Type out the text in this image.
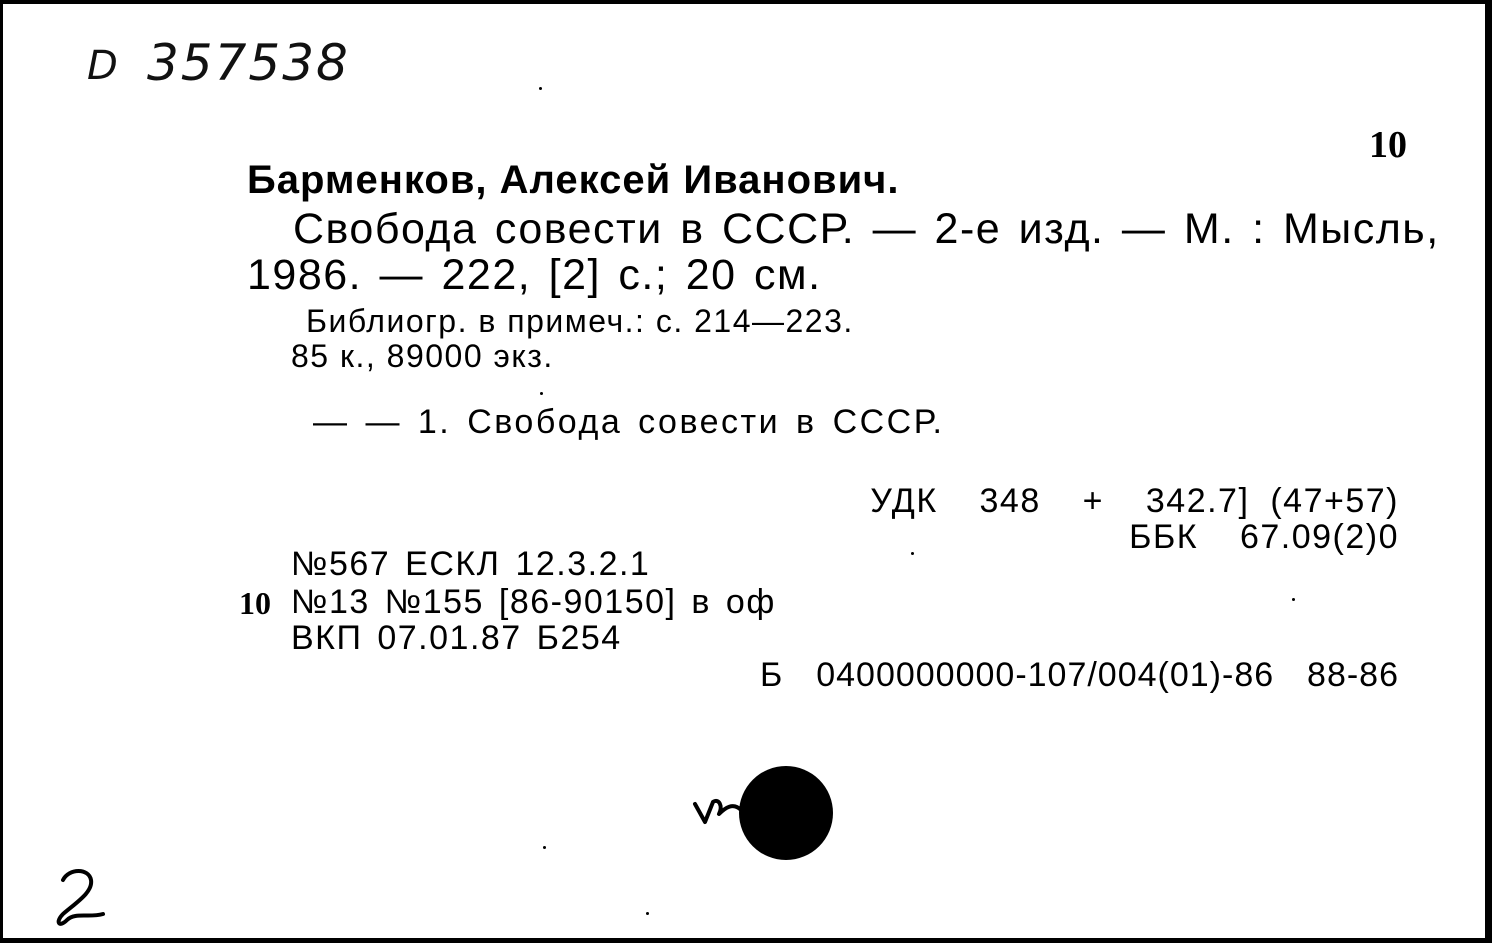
D 357538
10
Барменков, Алексей Иванович.
Свобода совести в СССР. — 2-е изд. — М. : Мысль,
1986. — 222, [2] с.; 20 см.
Библиогр. в примеч.: с. 214—223.
85 к., 89000 экз.
— — 1. Свобода совести в СССР.
УДК  348  +  342.7] (47+57)
ББК  67.09(2)0
№567 ЕСКЛ 12.3.2.1
10 №13 №155 [86-90150] в оф
ВКП 07.01.87 Б254
Б  0400000000-107/004(01)-86  88-86
